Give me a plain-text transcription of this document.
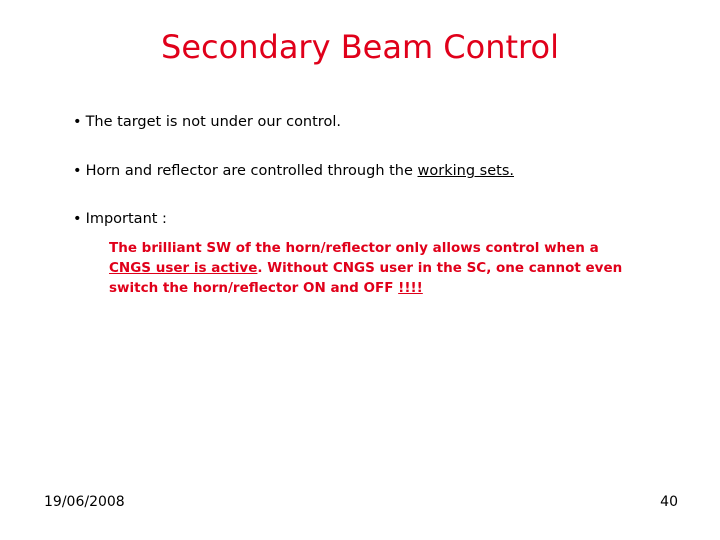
Secondary Beam Control
• The target is not under our control.
• Horn and reflector are controlled through the working sets.
• Important :
The brilliant SW of the horn/reflector only allows control when a CNGS user is active. Without CNGS user in the SC, one cannot even switch the horn/reflector ON and OFF !!!!
19/06/2008	40
